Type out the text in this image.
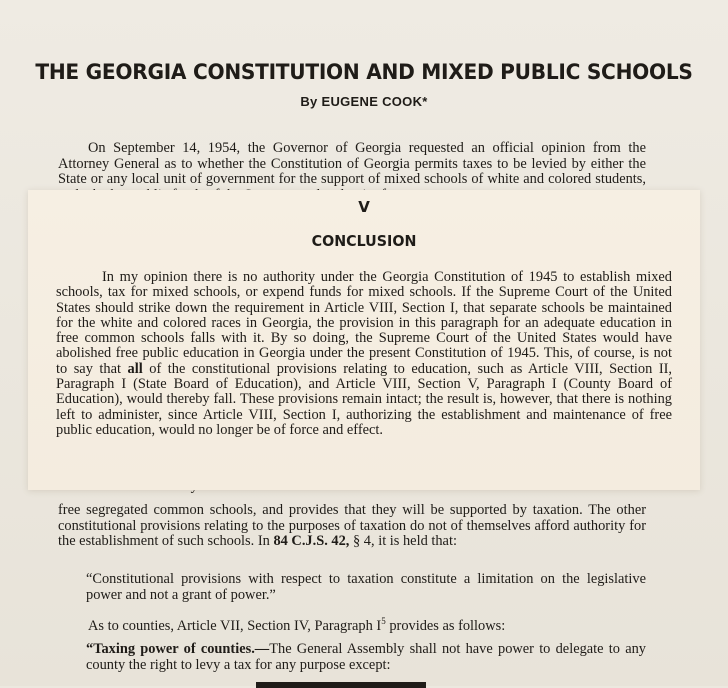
THE GEORGIA CONSTITUTION AND MIXED PUBLIC SCHOOLS
By EUGENE COOK*
On September 14, 1954, the Governor of Georgia requested an official opinion from the Attorney General as to whether the Constitution of Georgia permits taxes to be levied by either the State or any local unit of government for the support of mixed schools of white and colored students,
free segregated common schools, and provides that they will be supported by taxation. The other constitutional provisions relating to the purposes of taxation do not of themselves afford authority for the establishment of such schools. In 84 C.J.S. 42, § 4, it is held that:
“Constitutional provisions with respect to taxation constitute a limitation on the legislative power and not a grant of power.”
As to counties, Article VII, Section IV, Paragraph $I^5$ provides as follows:
“Taxing power of counties.—The General Assembly shall not have power to delegate to any county the right to levy a tax for any purpose except:
V
CONCLUSION
In my opinion there is no authority under the Georgia Constitution of 1945 to establish mixed schools, tax for mixed schools, or expend funds for mixed schools. If the Supreme Court of the United States should strike down the requirement in Article VIII, Section I, that separate schools be maintained for the white and colored races in Georgia, the provision in this paragraph for an adequate education in free common schools falls with it. By so doing, the Supreme Court of the United States would have abolished free public education in Georgia under the present Constitution of 1945. This, of course, is not to say that all of the constitutional provisions relating to education, such as Article VIII, Section II, Paragraph I (State Board of Education), and Article VIII, Section V, Paragraph I (County Board of Education), would thereby fall. These provisions remain intact; the result is, however, that there is nothing left to administer, since Article VIII, Section I, authorizing the establishment and maintenance of free public education, would no longer be of force and effect.
